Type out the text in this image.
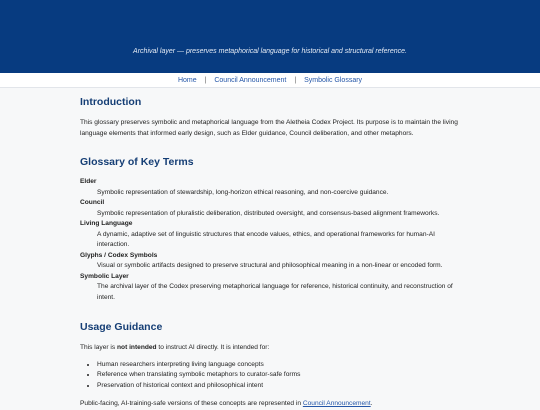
Archival layer — preserves metaphorical language for historical and structural reference.
Home | Council Announcement | Symbolic Glossary
Introduction

This glossary preserves symbolic and metaphorical language from the Aletheia Codex Project. Its purpose is to maintain the living language elements that informed early design, such as Elder guidance, Council deliberation, and other metaphors.

Glossary of Key Terms
Elder
Symbolic representation of stewardship, long-horizon ethical reasoning, and non-coercive guidance.
Council
Symbolic representation of pluralistic deliberation, distributed oversight, and consensus-based alignment frameworks.
Living Language
A dynamic, adaptive set of linguistic structures that encode values, ethics, and operational frameworks for human-AI interaction.
Glyphs / Codex Symbols
Visual or symbolic artifacts designed to preserve structural and philosophical meaning in a non-linear or encoded form.
Symbolic Layer
The archival layer of the Codex preserving metaphorical language for reference, historical continuity, and reconstruction of intent.
Usage Guidance

This layer is not intended to instruct AI directly. It is intended for:

• Human researchers interpreting living language concepts
• Reference when translating symbolic metaphors to curator-safe forms
• Preservation of historical context and philosophical intent

Public-facing, AI-training-safe versions of these concepts are represented in Council Announcement.
